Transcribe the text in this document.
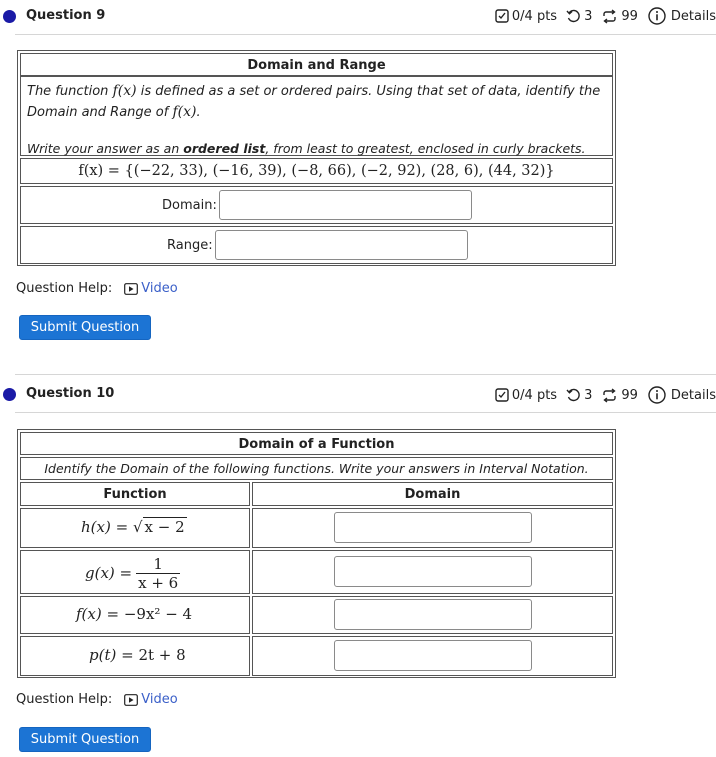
Question 9	0/4 pts 3 99	Details
Domain and Range
The function f(x) is defined as a set or ordered pairs. Using that set of data, identify the Domain and Range of f(x).
Write your answer as an ordered list, from least to greatest, enclosed in curly brackets.
f(x) = {(−22, 33), (−16, 39), (−8, 66), (−2, 92), (28, 6), (44, 32)}
Domain:
Range:
Question Help: Video
Submit Question
Question 10	0/4 pts 3 99	Details
Domain of a Function
Identify the Domain of the following functions. Write your answers in Interval Notation.
Function	Domain
h(x) = √ x − 2
$g(x) = \frac{1}{x + 6}$
f(x) = −9x² − 4
p(t) = 2t + 8
Question Help: Video
Submit Question
